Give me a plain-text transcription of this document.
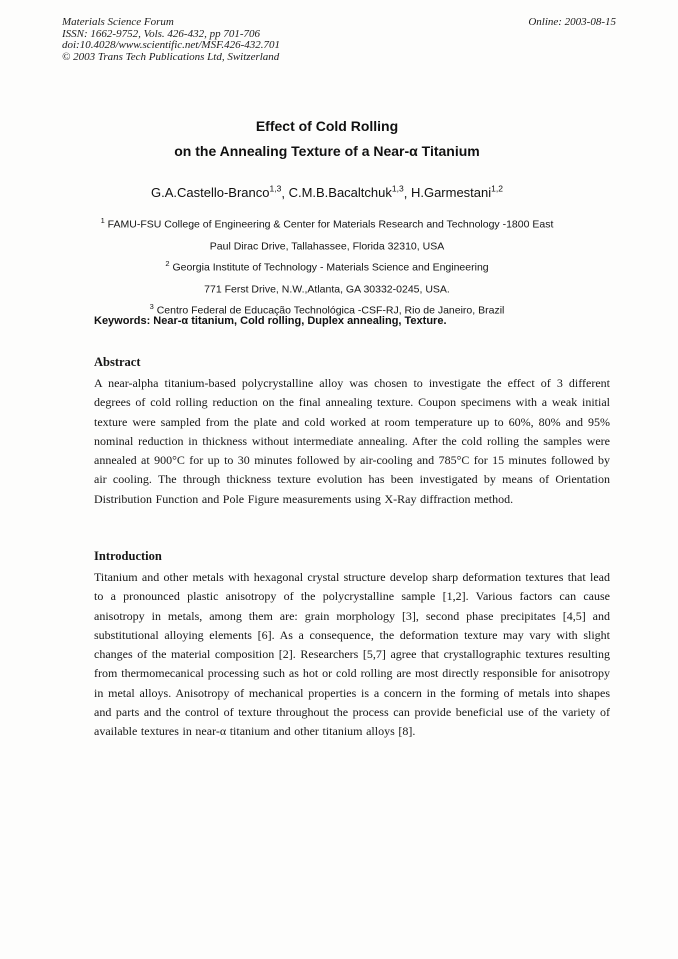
Materials Science Forum
ISSN: 1662-9752, Vols. 426-432, pp 701-706
doi:10.4028/www.scientific.net/MSF.426-432.701
© 2003 Trans Tech Publications Ltd, Switzerland
Online: 2003-08-15
Effect of Cold Rolling
on the Annealing Texture of a Near-α Titanium
G.A.Castello-Branco$^{1,3}$, C.M.B.Bacaltchuk$^{1,3}$, H.Garmestani$^{1,2}$
$^1$ FAMU-FSU College of Engineering & Center for Materials Research and Technology -1800 East
Paul Dirac Drive, Tallahassee, Florida 32310, USA
$^2$ Georgia Institute of Technology - Materials Science and Engineering
771 Ferst Drive, N.W.,Atlanta, GA 30332-0245, USA.
$^3$ Centro Federal de Educação Technológica -CSF-RJ, Rio de Janeiro, Brazil
Keywords: Near-α titanium, Cold rolling, Duplex annealing, Texture.
Abstract

A near-alpha titanium-based polycrystalline alloy was chosen to investigate the effect of 3 different degrees of cold rolling reduction on the final annealing texture. Coupon specimens with a weak initial texture were sampled from the plate and cold worked at room temperature up to 60%, 80% and 95% nominal reduction in thickness without intermediate annealing. After the cold rolling the samples were annealed at 900°C for up to 30 minutes followed by air-cooling and 785°C for 15 minutes followed by air cooling. The through thickness texture evolution has been investigated by means of Orientation Distribution Function and Pole Figure measurements using X-Ray diffraction method.

Introduction

Titanium and other metals with hexagonal crystal structure develop sharp deformation textures that lead to a pronounced plastic anisotropy of the polycrystalline sample [1,2]. Various factors can cause anisotropy in metals, among them are: grain morphology [3], second phase precipitates [4,5] and substitutional alloying elements [6]. As a consequence, the deformation texture may vary with slight changes of the material composition [2]. Researchers [5,7] agree that crystallographic textures resulting from thermomecanical processing such as hot or cold rolling are most directly responsible for anisotropy in metal alloys. Anisotropy of mechanical properties is a concern in the forming of metals into shapes and parts and the control of texture throughout the process can provide beneficial use of the variety of available textures in near-α titanium and other titanium alloys [8].
